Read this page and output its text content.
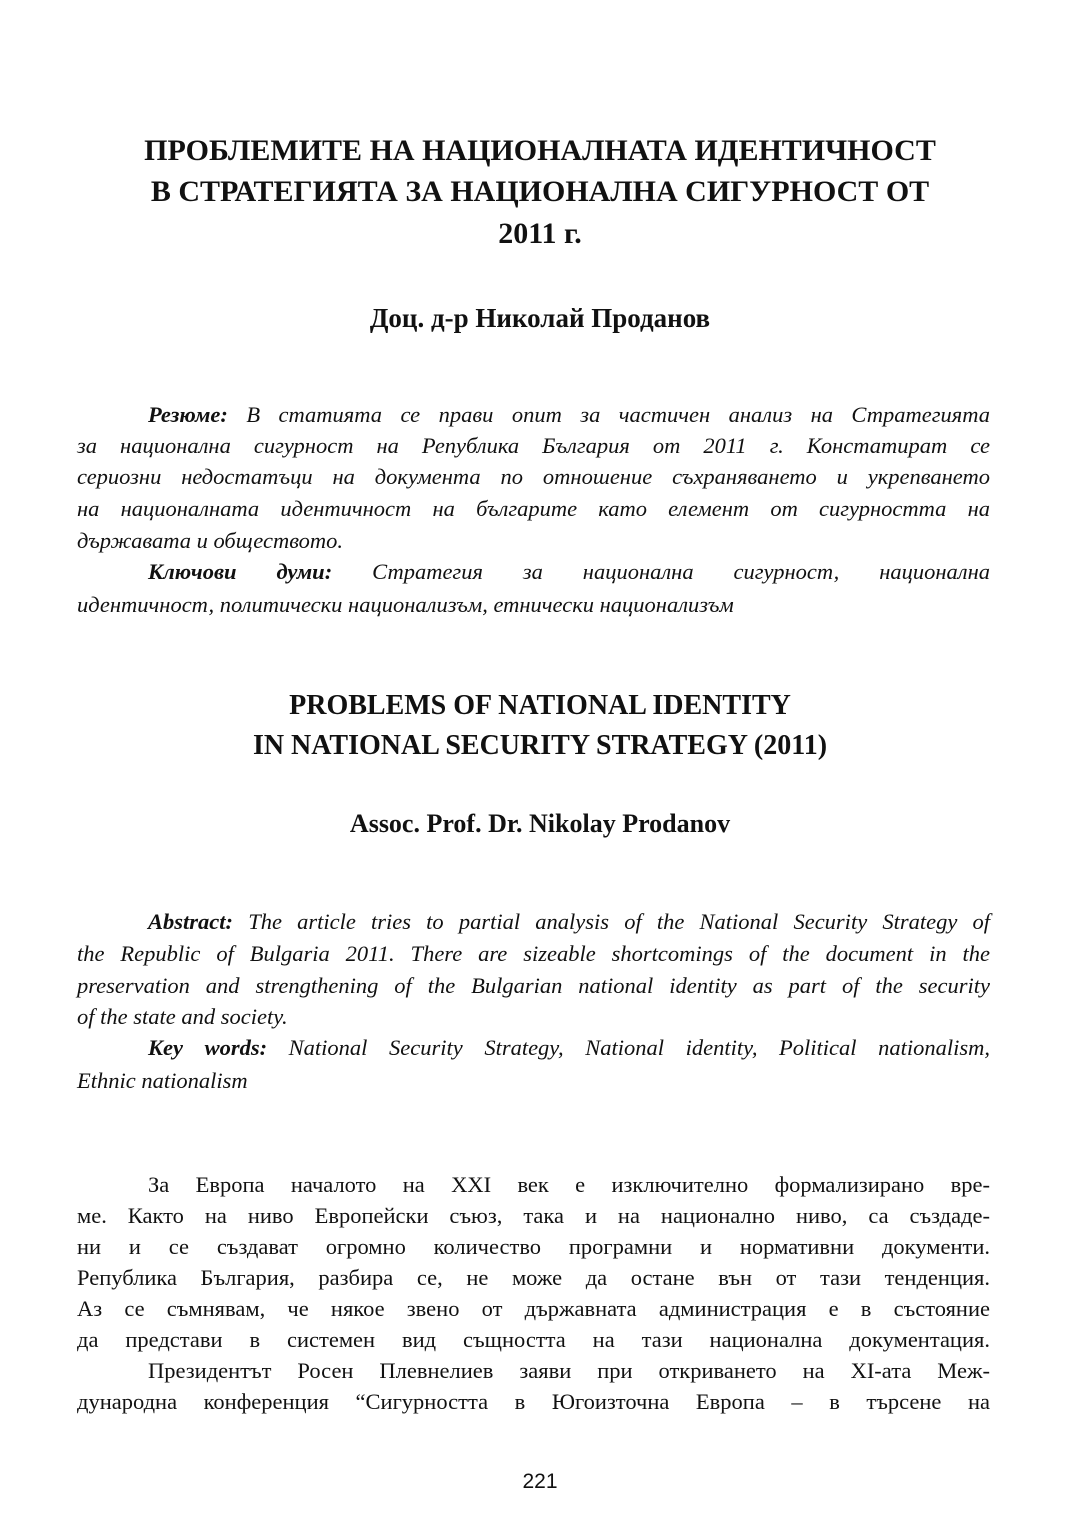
ПРОБЛЕМИТЕ НА НАЦИОНАЛНАТА ИДЕНТИЧНОСТ
В СТРАТЕГИЯТА ЗА НАЦИОНАЛНА СИГУРНОСТ ОТ
2011 г.
Доц. д-р Николай Проданов
Резюме: В статията се прави опит за частичен анализ на Стратегията
за национална сигурност на Република България от 2011 г. Констатират се
сериозни недостатъци на документа по отношение съхраняването и укрепването
на националната идентичност на българите като елемент от сигурността на
държавата и обществото.
Ключови думи: Стратегия за национална сигурност, национална
идентичност, политически национализъм, етнически национализъм
PROBLEMS OF NATIONAL IDENTITY
IN NATIONAL SECURITY STRATEGY (2011)
Assoc. Prof. Dr. Nikolay Prodanov
Abstract: The article tries to partial analysis of the National Security Strategy of
the Republic of Bulgaria 2011. There are sizeable shortcomings of the document in the
preservation and strengthening of the Bulgarian national identity as part of the security
of the state and society.
Key words: National Security Strategy, National identity, Political nationalism,
Ethnic nationalism
За Европа началото на XXI век е изключително формализирано вре-
ме. Както на ниво Европейски съюз, така и на национално ниво, са създаде-
ни и се създават огромно количество програмни и нормативни документи.
Република България, разбира се, не може да остане вън от тази тенденция.
Аз се съмнявам, че някое звено от държавната администрация е в състояние
да представи в системен вид същността на тази национална документация.
Президентът Росен Плевнелиев заяви при откриването на XI-ата Меж-
дународна конференция “Сигурността в Югоизточна Европа – в търсене на
221
